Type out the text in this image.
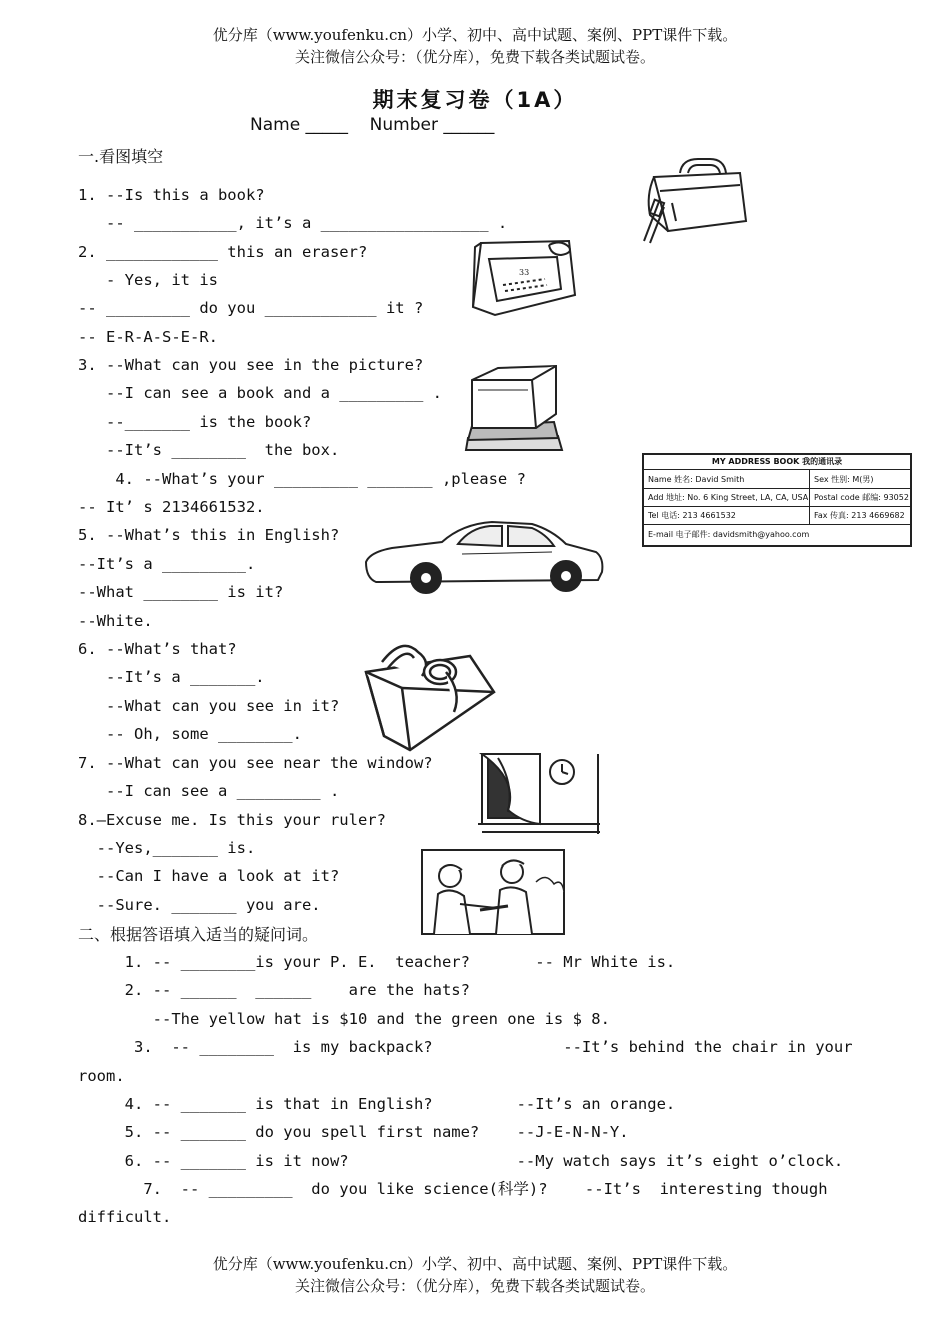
优分库（www.youfenku.cn）小学、初中、高中试题、案例、PPT课件下载。
关注微信公众号：（优分库），免费下载各类试题试卷。
期末复习卷（1A）
Name _____    Number ______
一.看图填空
1. --Is this a book?
-- ___________, it’s a __________________ .
2. ____________ this an eraser?
- Yes, it is
-- _________ do you ____________ it ?
-- E-R-A-S-E-R.
3. --What can you see in the picture?
--I can see a book and a _________ .
--_______ is the book?
--It’s ________  the box.
4. --What’s your _________ _______ ,please ?
-- It’ s 2134661532.
5. --What’s this in English?
--It’s a _________.
--What ________ is it?
--White.
6. --What’s that?
--It’s a _______.
--What can you see in it?
-- Oh, some ________.
7. --What can you see near the window?
--I can see a _________ .
8.—Excuse me. Is this your ruler?
--Yes,_______ is.
--Can I have a look at it?
--Sure. _______ you are.
二、根据答语填入适当的疑问词。
1. -- ________is your P. E.  teacher?       -- Mr White is.
2. -- ______  ______    are the hats?
--The yellow hat is $10 and the green one is $ 8.
3.  -- ________  is my backpack?              --It’s behind the chair in your
room.
4. -- _______ is that in English?         --It’s an orange.
5. -- _______ do you spell first name?    --J-E-N-N-Y.
6. -- _______ is it now?                  --My watch says it’s eight o’clock.
7.  -- _________  do you like science(科学)?    --It’s  interesting though
difficult.
优分库（www.youfenku.cn）小学、初中、高中试题、案例、PPT课件下载。
关注微信公众号：（优分库），免费下载各类试题试卷。
33
MY ADDRESS BOOK 我的通讯录
Name 姓名: David Smith	Sex 性别: M(男)
Add 地址: No. 6 King Street, LA, CA, USA Postal code 邮编: 93052
Tel 电话: 213 4661532	Fax 传真: 213 4669682
E-mail 电子邮件: davidsmith@yahoo.com
